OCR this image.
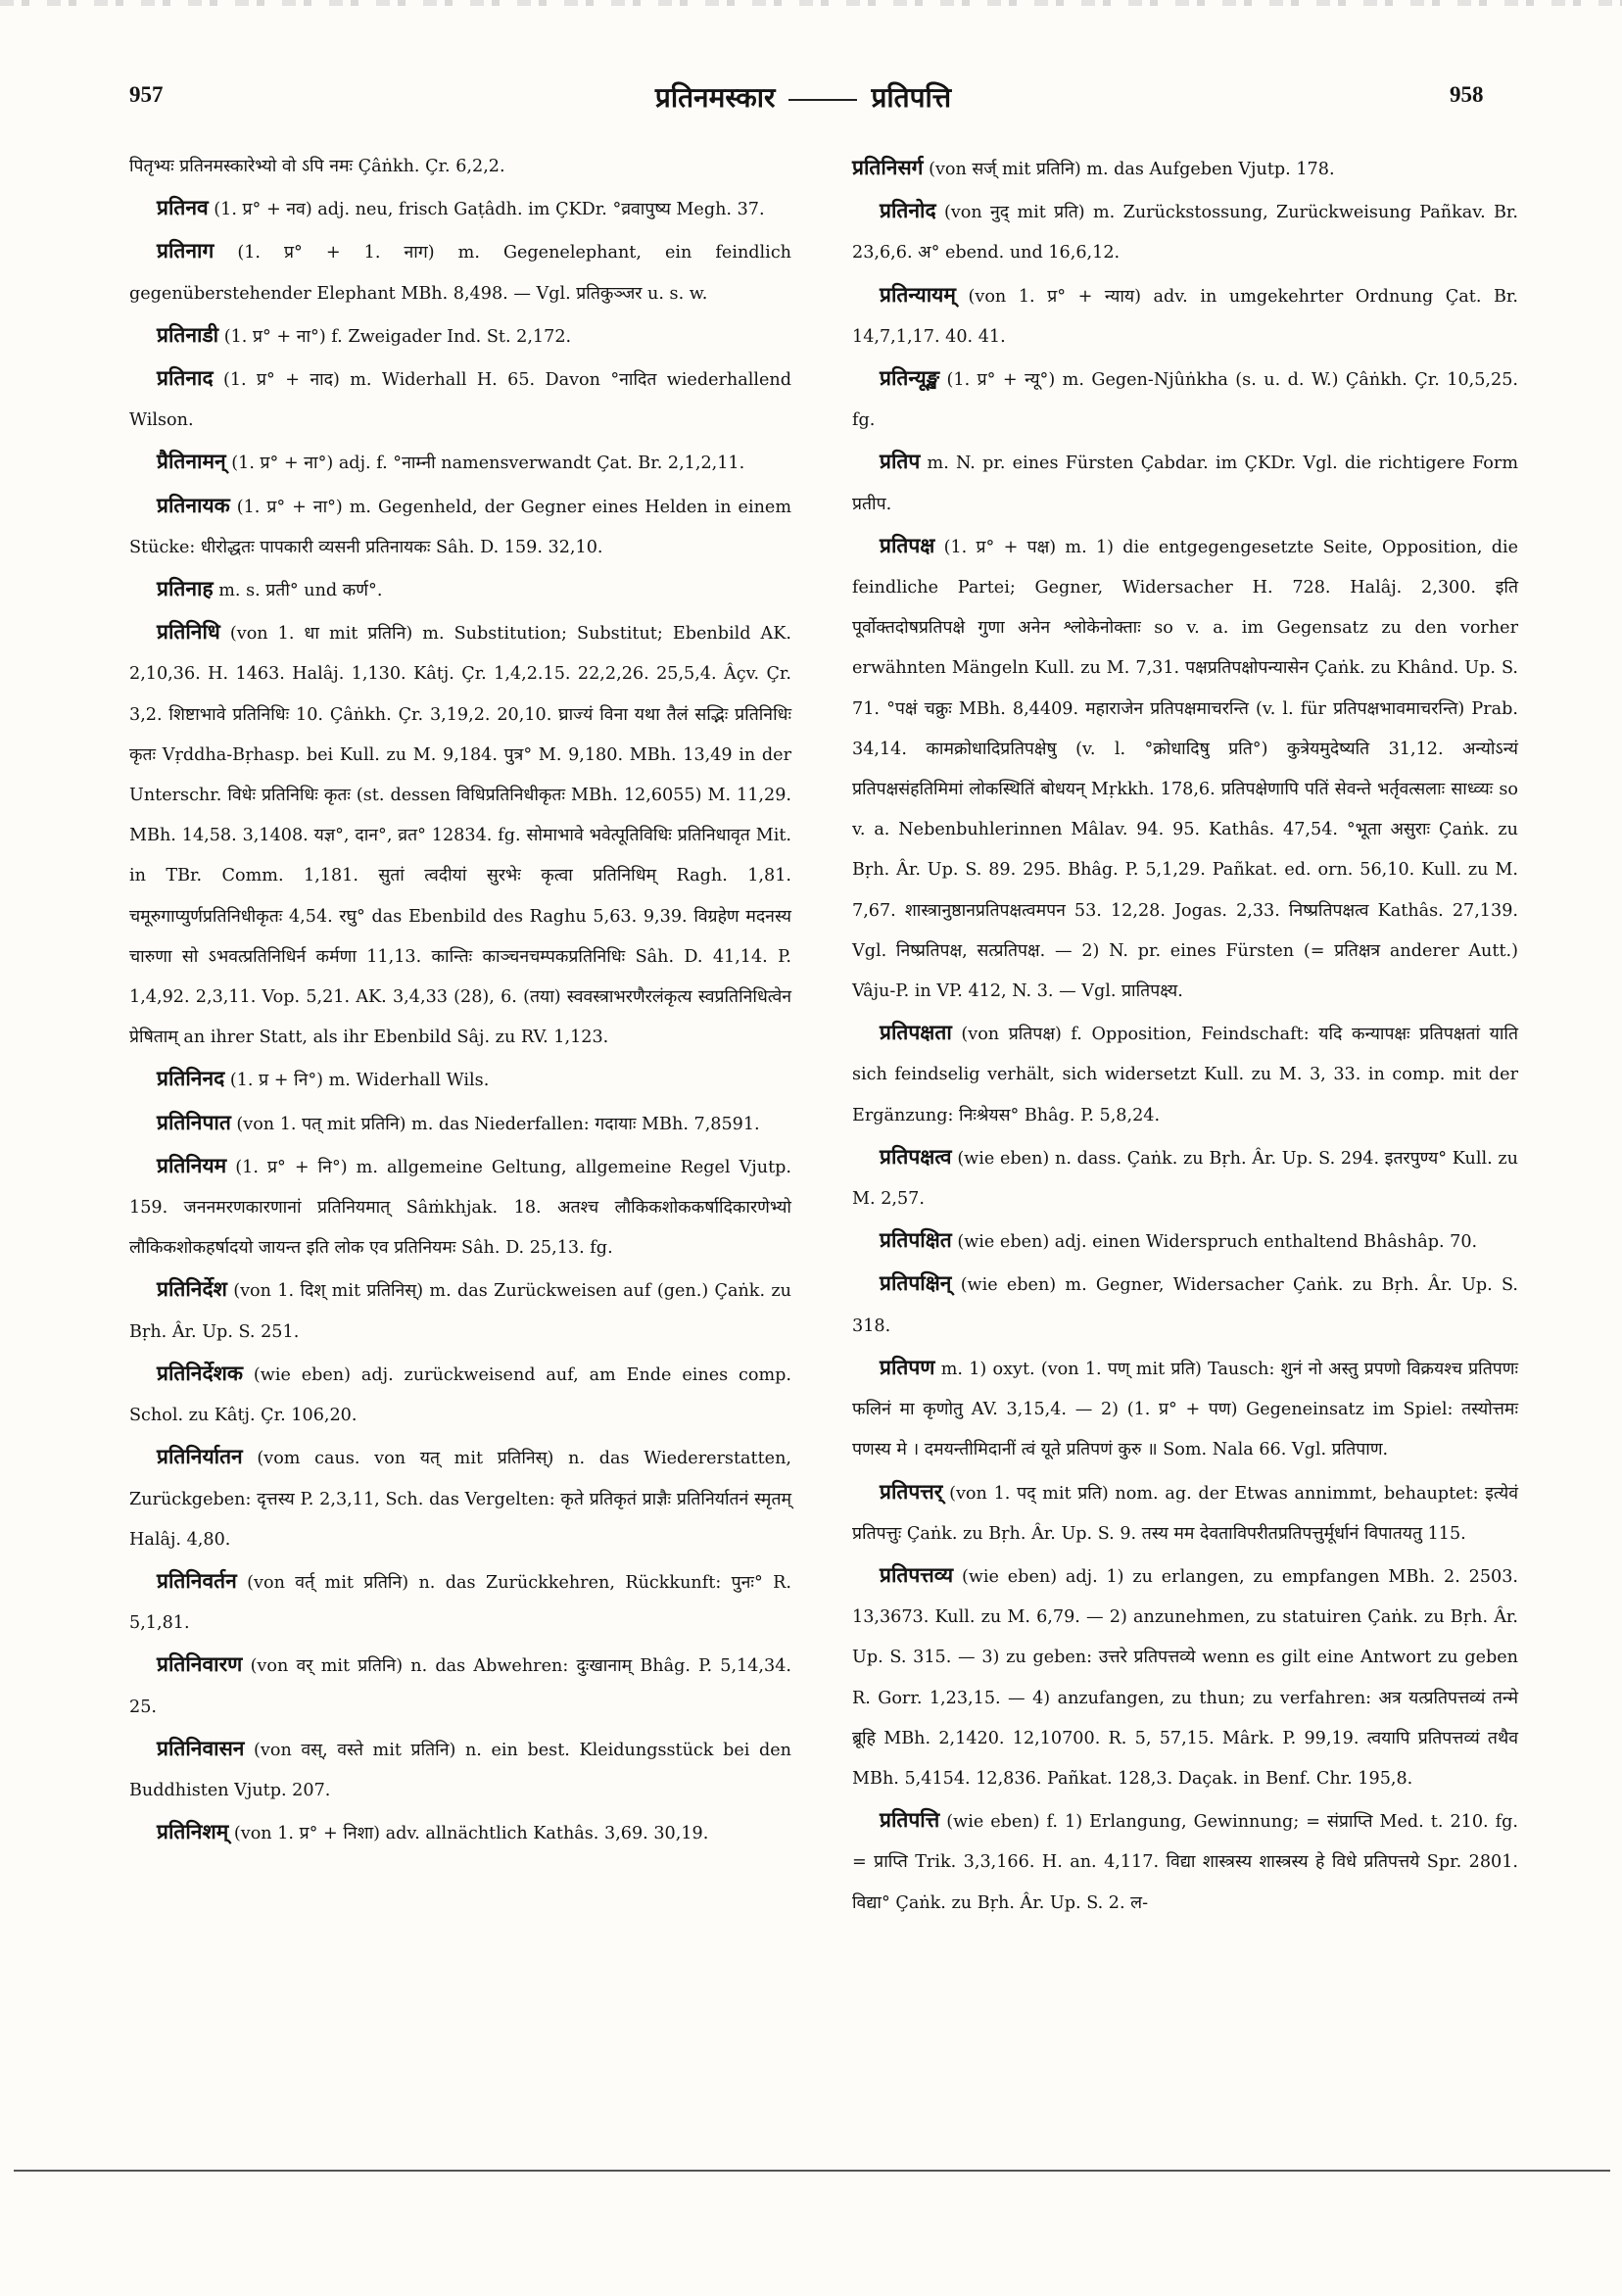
957	प्रतिनमस्कार	प्रतिपत्ति	958

पितृभ्यः प्रतिनमस्कारेभ्यो वो ऽपि नमः Çâṅkh. Çr. 6,2,2.

प्रतिनव (1. प्र° + नव) adj. neu, frisch Gaṭâdh. im ÇKDr. °व्रवापुष्य Megh. 37.

प्रतिनाग (1. प्र° + 1. नाग) m. Gegenelephant, ein feindlich gegenüberstehender Elephant MBh. 8,498. — Vgl. प्रतिकुञ्जर u. s. w.

प्रतिनाडी (1. प्र° + ना°) f. Zweigader Ind. St. 2,172.

प्रतिनाद (1. प्र° + नाद) m. Widerhall H. 65. Davon °नादित wiederhallend Wilson.

प्रैतिनामन् (1. प्र° + ना°) adj. f. °नाम्नी namensverwandt Çat. Br. 2,1,2,11.

प्रतिनायक (1. प्र° + ना°) m. Gegenheld, der Gegner eines Helden in einem Stücke: धीरोद्धतः पापकारी व्यसनी प्रतिनायकः Sâh. D. 159. 32,10.

प्रतिनाह m. s. प्रती° und कर्ण°.

प्रतिनिधि (von 1. धा mit प्रतिनि) m. Substitution; Substitut; Ebenbild AK. 2,10,36. H. 1463. Halâj. 1,130. Kâtj. Çr. 1,4,2.15. 22,2,26. 25,5,4. Âçv. Çr. 3,2. शिष्टाभावे प्रतिनिधिः 10. Çâṅkh. Çr. 3,19,2. 20,10. घ्राज्यं विना यथा तैलं सद्भिः प्रतिनिधिः कृतः Vṛddha-Bṛhasp. bei Kull. zu M. 9,184. पुत्र° M. 9,180. MBh. 13,49 in der Unterschr. विधेः प्रतिनिधिः कृतः (st. dessen विधिप्रतिनिधीकृतः MBh. 12,6055) M. 11,29. MBh. 14,58. 3,1408. यज्ञ°, दान°, व्रत° 12834. fg. सोमाभावे भवेत्पूतिविधिः प्रतिनिधावृत Mit. in TBr. Comm. 1,181. सुतां त्वदीयां सुरभेः कृत्वा प्रतिनिधिम् Ragh. 1,81. चमूरुगाप्युर्णप्रतिनिधीकृतः 4,54. रघु° das Ebenbild des Raghu 5,63. 9,39. विग्रहेण मदनस्य चारुणा सो ऽभवत्प्रतिनिधिर्न कर्मणा 11,13. कान्तिः काञ्चनचम्पकप्रतिनिधिः Sâh. D. 41,14. P. 1,4,92. 2,3,11. Vop. 5,21. AK. 3,4,33 (28), 6. (तया) स्ववस्त्राभरणैरलंकृत्य स्वप्रतिनिधित्वेन प्रेषिताम् an ihrer Statt, als ihr Ebenbild Sâj. zu RV. 1,123.

प्रतिनिनद (1. प्र + नि°) m. Widerhall Wils.

प्रतिनिपात (von 1. पत् mit प्रतिनि) m. das Niederfallen: गदायाः MBh. 7,8591.

प्रतिनियम (1. प्र° + नि°) m. allgemeine Geltung, allgemeine Regel Vjutp. 159. जननमरणकारणानां प्रतिनियमात् Sâṁkhjak. 18. अतश्च लौकिकशोककर्षादिकारणेभ्यो लौकिकशोकहर्षादयो जायन्त इति लोक एव प्रतिनियमः Sâh. D. 25,13. fg.

प्रतिनिर्देश (von 1. दिश् mit प्रतिनिस्) m. das Zurückweisen auf (gen.) Çaṅk. zu Bṛh. Âr. Up. S. 251.

प्रतिनिर्देशक (wie eben) adj. zurückweisend auf, am Ende eines comp. Schol. zu Kâtj. Çr. 106,20.

प्रतिनिर्यातन (vom caus. von यत् mit प्रतिनिस्) n. das Wiedererstatten, Zurückgeben: दृत्तस्य P. 2,3,11, Sch. das Vergelten: कृते प्रतिकृतं प्राज्ञैः प्रतिनिर्यातनं स्मृतम् Halâj. 4,80.

प्रतिनिवर्तन (von वर्त् mit प्रतिनि) n. das Zurückkehren, Rückkunft: पुनः° R. 5,1,81.

प्रतिनिवारण (von वर् mit प्रतिनि) n. das Abwehren: दुःखानाम् Bhâg. P. 5,14,34. 25.

प्रतिनिवासन (von वस्, वस्ते mit प्रतिनि) n. ein best. Kleidungsstück bei den Buddhisten Vjutp. 207.

प्रतिनिशम् (von 1. प्र° + निशा) adv. allnächtlich Kathâs. 3,69. 30,19.

प्रतिनिसर्ग (von सर्ज् mit प्रतिनि) m. das Aufgeben Vjutp. 178.

प्रतिनोद (von नुद् mit प्रति) m. Zurückstossung, Zurückweisung Pañkav. Br. 23,6,6. अ° ebend. und 16,6,12.

प्रतिन्यायम् (von 1. प्र° + न्याय) adv. in umgekehrter Ordnung Çat. Br. 14,7,1,17. 40. 41.

प्रतिन्यूङ्ख (1. प्र° + न्यू°) m. Gegen-Njûṅkha (s. u. d. W.) Çâṅkh. Çr. 10,5,25. fg.

प्रतिप m. N. pr. eines Fürsten Çabdar. im ÇKDr. Vgl. die richtigere Form प्रतीप.

प्रतिपक्ष (1. प्र° + पक्ष) m. 1) die entgegengesetzte Seite, Opposition, die feindliche Partei; Gegner, Widersacher H. 728. Halâj. 2,300. इति पूर्वोक्तदोषप्रतिपक्षे गुणा अनेन श्लोकेनोक्ताः so v. a. im Gegensatz zu den vorher erwähnten Mängeln Kull. zu M. 7,31. पक्षप्रतिपक्षोपन्यासेन Çaṅk. zu Khând. Up. S. 71. °पक्षं चक्रुः MBh. 8,4409. महाराजेन प्रतिपक्षमाचरन्ति (v. l. für प्रतिपक्षभावमाचरन्ति) Prab. 34,14. कामक्रोधादिप्रतिपक्षेषु (v. l. °क्रोधादिषु प्रति°) कुत्रेयमुदेष्यति 31,12. अन्योऽन्यं प्रतिपक्षसंहतिमिमां लोकस्थितिं बोधयन् Mṛkkh. 178,6. प्रतिपक्षेणापि पतिं सेवन्ते भर्तृवत्सलाः साध्व्यः so v. a. Nebenbuhlerinnen Mâlav. 94. 95. Kathâs. 47,54. °भूता असुराः Çaṅk. zu Bṛh. Âr. Up. S. 89. 295. Bhâg. P. 5,1,29. Pañkat. ed. orn. 56,10. Kull. zu M. 7,67. शास्त्रानुष्ठानप्रतिपक्षत्वमपन 53. 12,28. Jogas. 2,33. निष्प्रतिपक्षत्व Kathâs. 27,139. Vgl. निष्प्रतिपक्ष, सत्प्रतिपक्ष. — 2) N. pr. eines Fürsten (= प्रतिक्षत्र anderer Autt.) Vâju-P. in VP. 412, N. 3. — Vgl. प्रातिपक्ष्य.

प्रतिपक्षता (von प्रतिपक्ष) f. Opposition, Feindschaft: यदि कन्यापक्षः प्रतिपक्षतां याति sich feindselig verhält, sich widersetzt Kull. zu M. 3, 33. in comp. mit der Ergänzung: निःश्रेयस° Bhâg. P. 5,8,24.

प्रतिपक्षत्व (wie eben) n. dass. Çaṅk. zu Bṛh. Âr. Up. S. 294. इतरपुण्य° Kull. zu M. 2,57.

प्रतिपक्षित (wie eben) adj. einen Widerspruch enthaltend Bhâshâp. 70.

प्रतिपक्षिन् (wie eben) m. Gegner, Widersacher Çaṅk. zu Bṛh. Âr. Up. S. 318.

प्रतिपण m. 1) oxyt. (von 1. पण् mit प्रति) Tausch: शुनं नो अस्तु प्रपणो विक्रयश्च प्रतिपणः फलिनं मा कृणोतु AV. 3,15,4. — 2) (1. प्र° + पण) Gegeneinsatz im Spiel: तस्योत्तमः पणस्य मे । दमयन्तीमिदानीं त्वं यूते प्रतिपणं कुरु ॥ Som. Nala 66. Vgl. प्रतिपाण.

प्रतिपत्तर् (von 1. पद् mit प्रति) nom. ag. der Etwas annimmt, behauptet: इत्येवं प्रतिपत्तुः Çaṅk. zu Bṛh. Âr. Up. S. 9. तस्य मम देवताविपरीतप्रतिपत्तुर्मूर्धानं विपातयतु 115.

प्रतिपत्तव्य (wie eben) adj. 1) zu erlangen, zu empfangen MBh. 2. 2503. 13,3673. Kull. zu M. 6,79. — 2) anzunehmen, zu statuiren Çaṅk. zu Bṛh. Âr. Up. S. 315. — 3) zu geben: उत्तरे प्रतिपत्तव्ये wenn es gilt eine Antwort zu geben R. Gorr. 1,23,15. — 4) anzufangen, zu thun; zu verfahren: अत्र यत्प्रतिपत्तव्यं तन्मे ब्रूहि MBh. 2,1420. 12,10700. R. 5, 57,15. Mârk. P. 99,19. त्वयापि प्रतिपत्तव्यं तथैव MBh. 5,4154. 12,836. Pañkat. 128,3. Daçak. in Benf. Chr. 195,8.

प्रतिपत्ति (wie eben) f. 1) Erlangung, Gewinnung; = संप्राप्ति Med. t. 210. fg. = प्राप्ति Trik. 3,3,166. H. an. 4,117. विद्या शास्त्रस्य शास्त्रस्य हे विधे प्रतिपत्तये Spr. 2801. विद्या° Çaṅk. zu Bṛh. Âr. Up. S. 2. ल-
